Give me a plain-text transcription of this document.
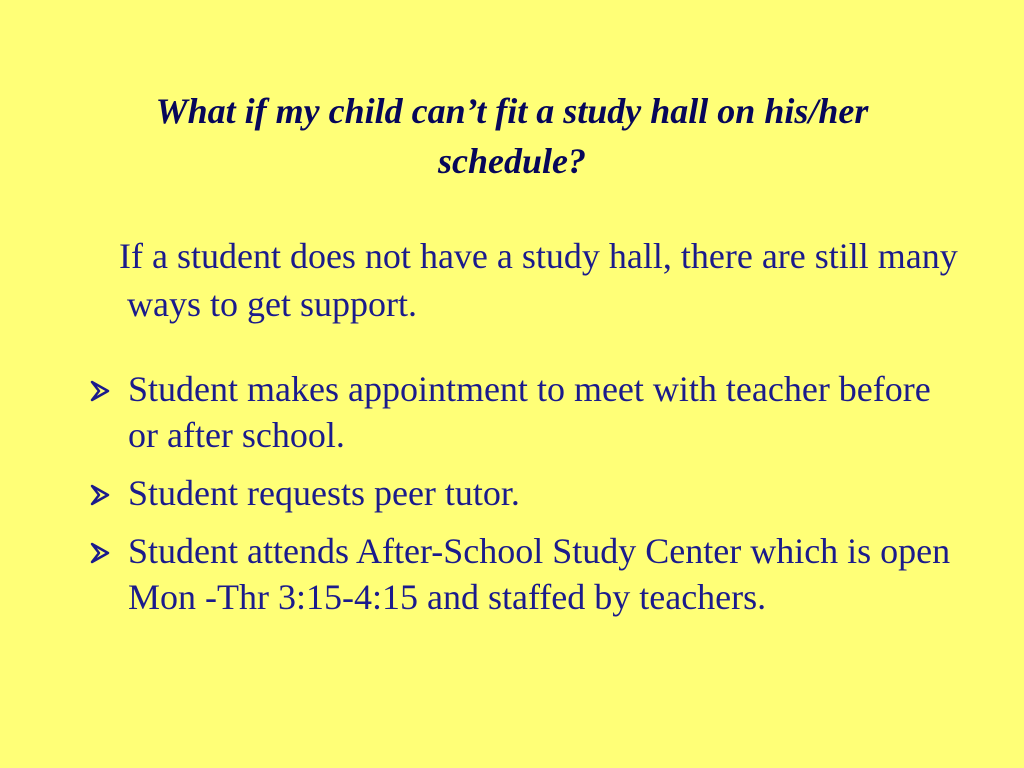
What if my child can’t fit a study hall on his/her schedule?
If a student does not have a study hall, there are still many ways to get support.
Student makes appointment to meet with teacher before or after school.
Student requests peer tutor.
Student attends After-School Study Center which is open Mon -Thr 3:15-4:15 and staffed by teachers.
